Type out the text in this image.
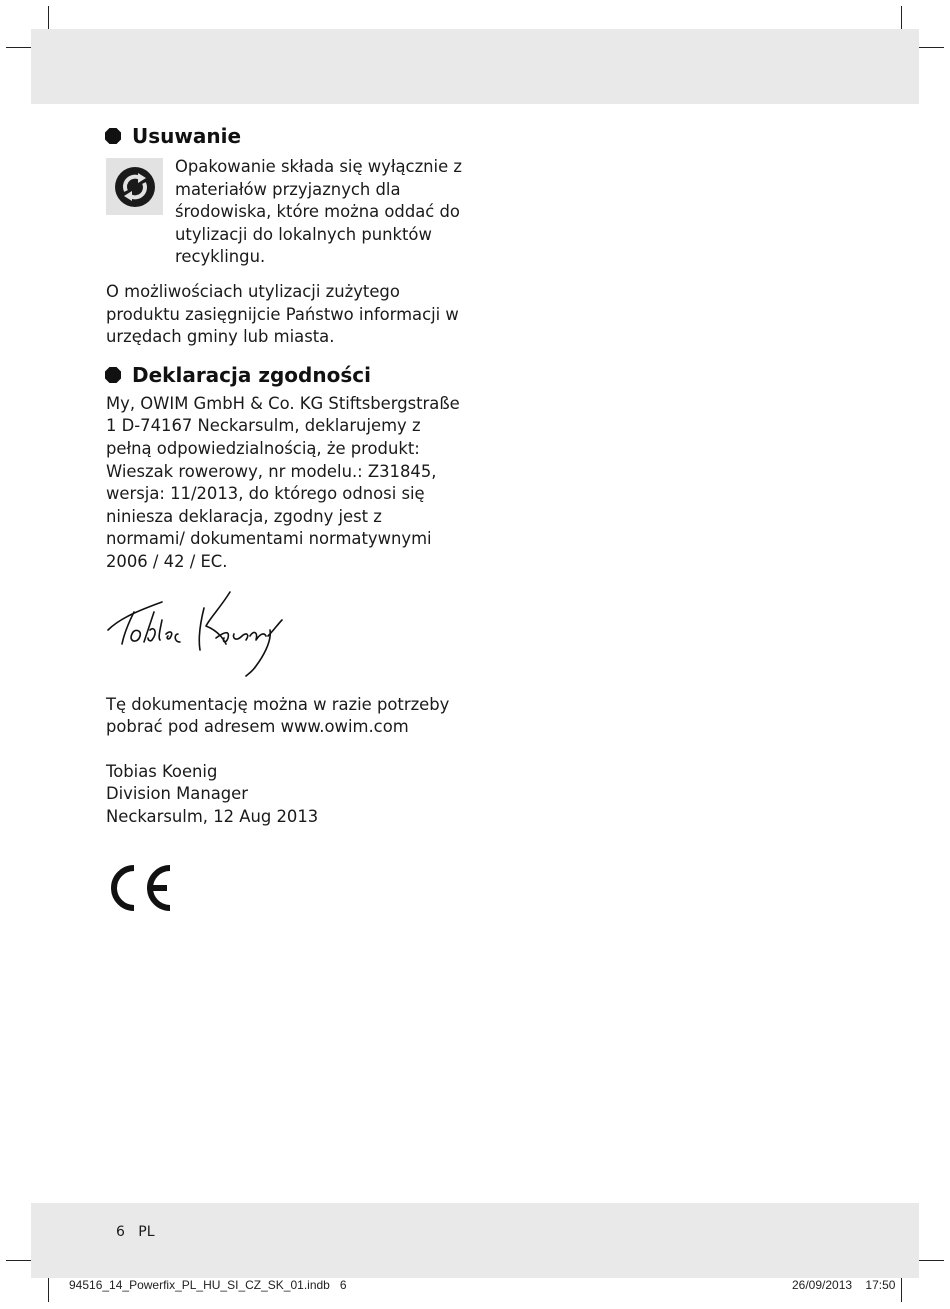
Usuwanie

Opakowanie składa się wyłącznie z materiałów przyjaznych dla środowiska, które można oddać do utylizacji do lokalnych punktów recyklingu.

O możliwościach utylizacji zużytego produktu zasięgnijcie Państwo informacji w urzędach gminy lub miasta.

Deklaracja zgodności

My, OWIM GmbH & Co. KG Stiftsbergstraße 1 D-74167 Neckarsulm, deklarujemy z pełną odpowiedzialnością, że produkt: Wieszak rowerowy, nr modelu.: Z31845, wersja: 11/2013, do którego odnosi się niniesza deklaracja, zgodny jest z normami/ dokumentami normatywnymi 2006 / 42 / EC.

Tę dokumentację można w razie potrzeby pobrać pod adresem www.owim.com

Tobias Koenig

Division Manager

Neckarsulm, 12 Aug 2013

6 PL
94516_14_Powerfix_PL_HU_SI_CZ_SK_01.indb   6	26/09/2013 17:50
